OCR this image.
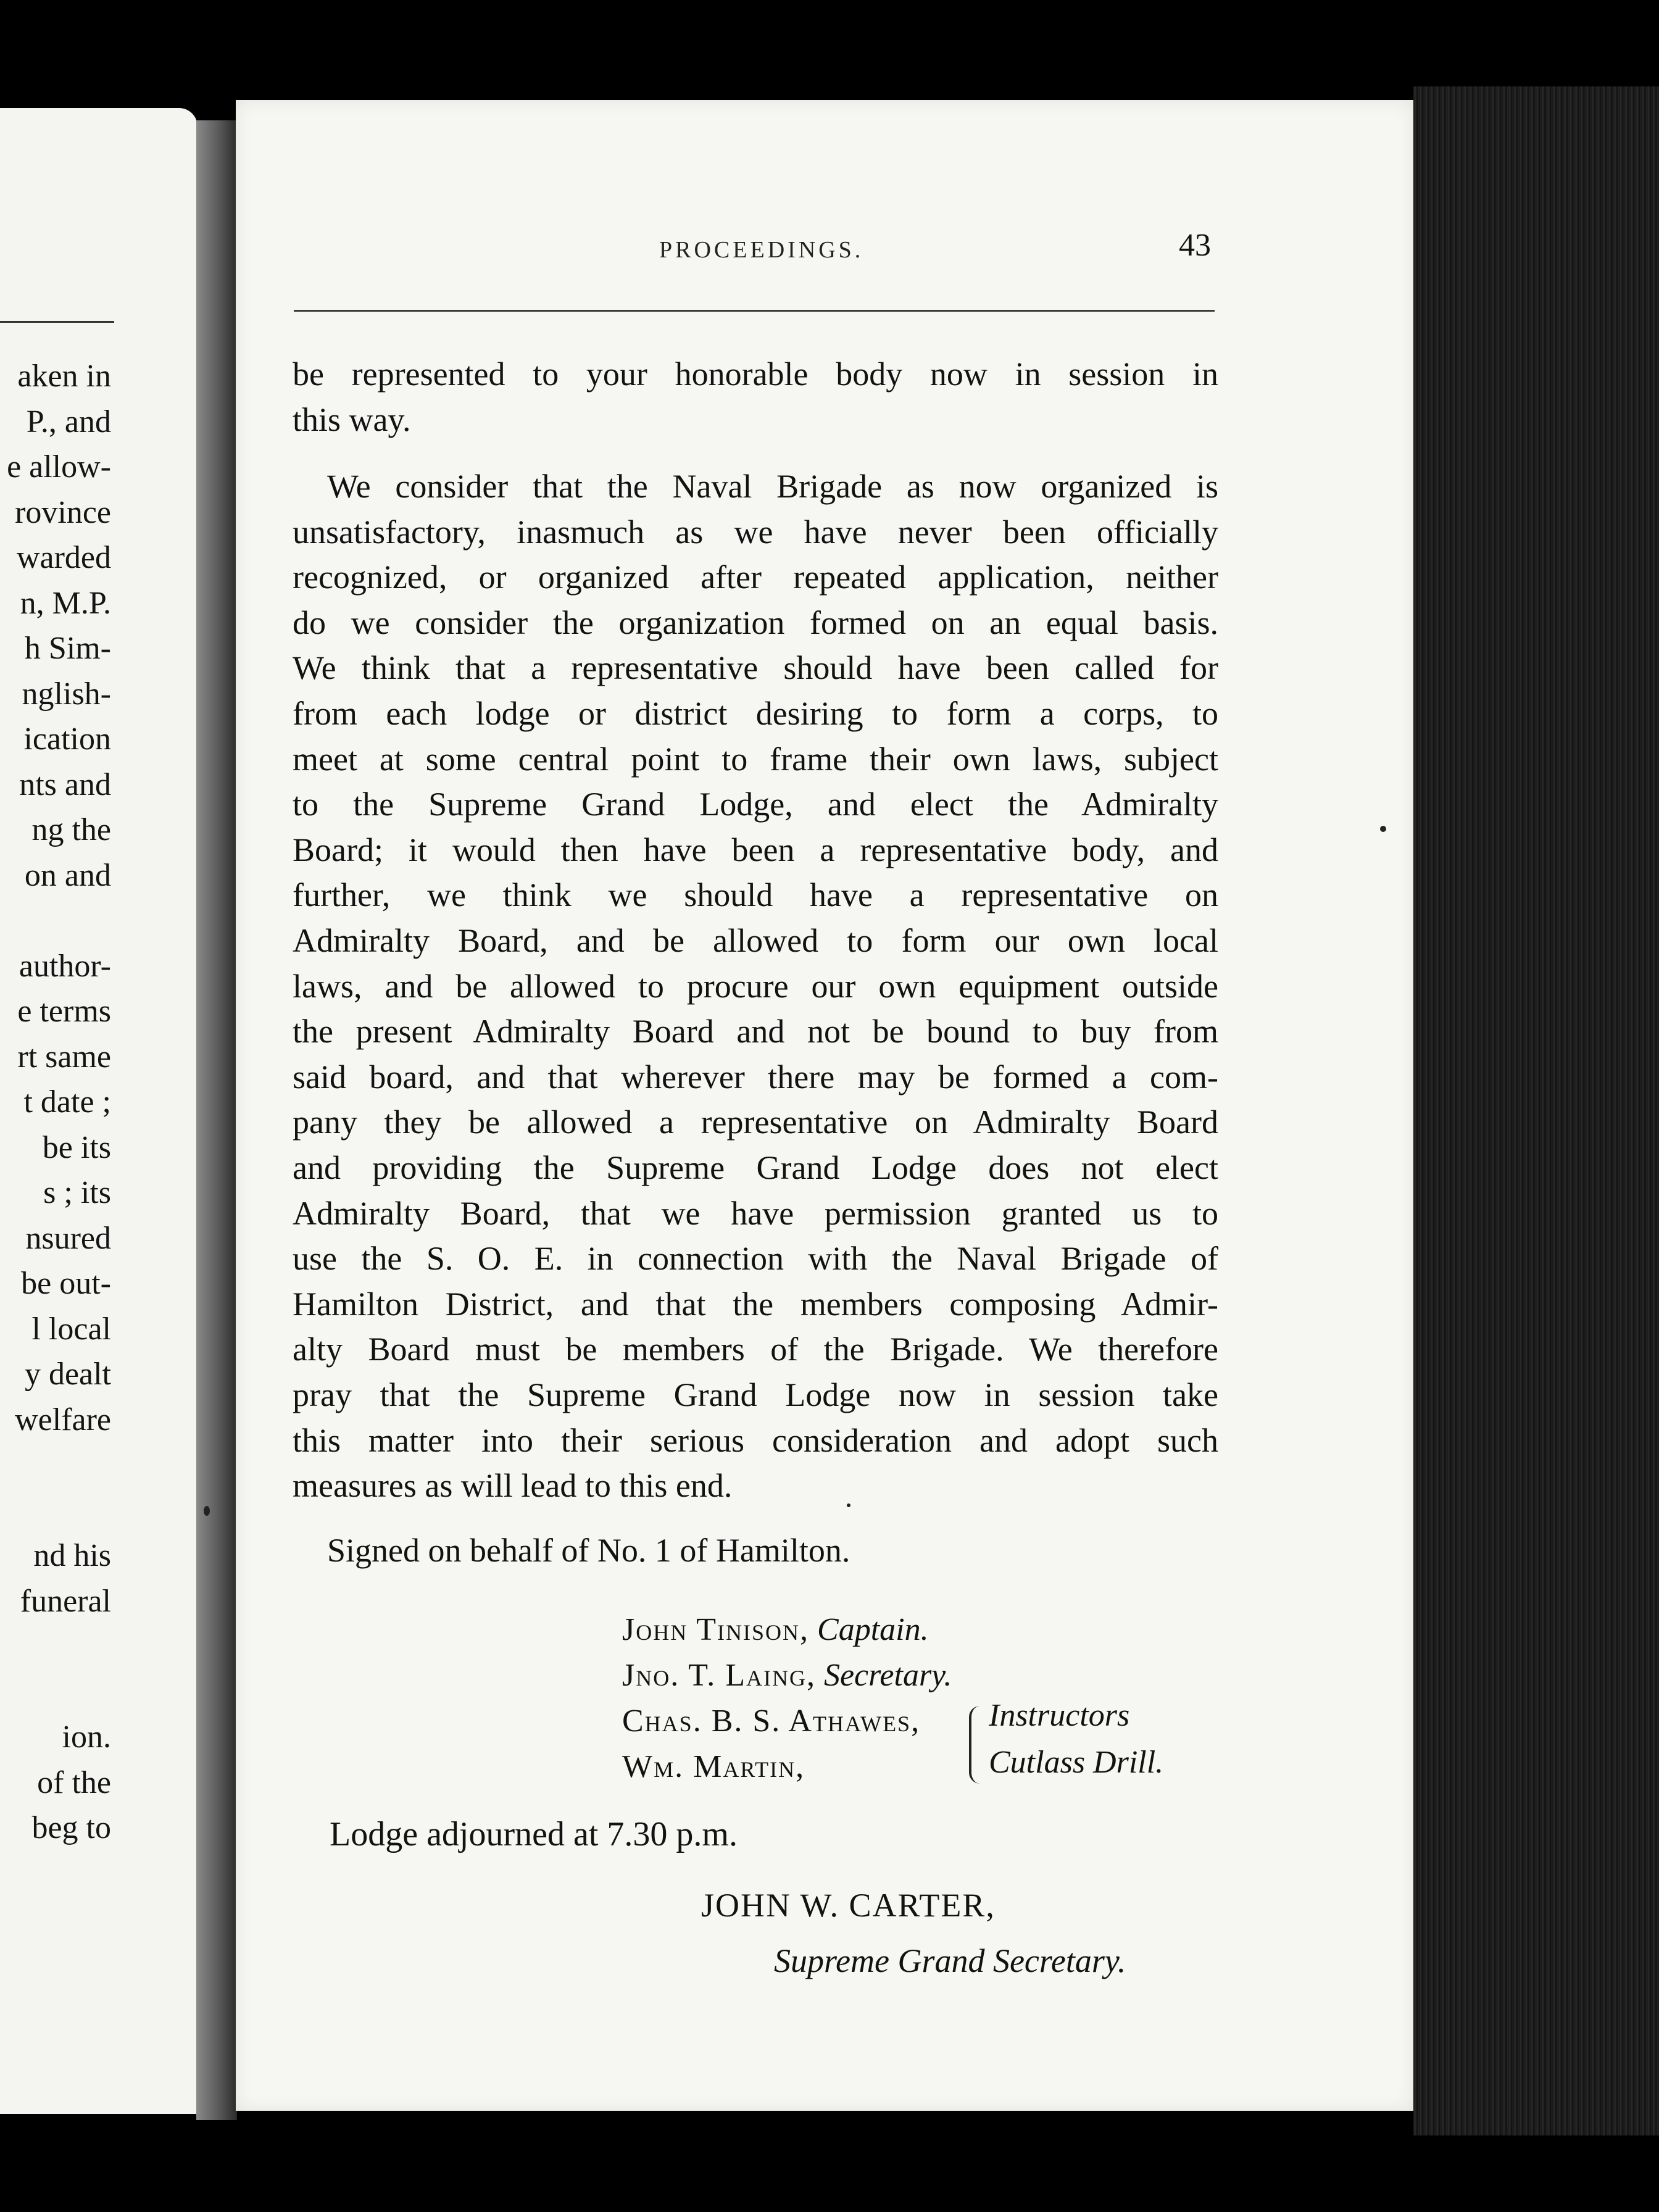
aken in
P., and
e allow-
rovince
warded
n, M.P.
h Sim-
nglish-
ication
nts and
ng the
on and
author-
e terms
rt same
t date ;
be its
s ; its
nsured
be out-
l local
y dealt
welfare
nd his
funeral
ion.
of the
beg to
PROCEEDINGS.	43
be represented to your honorable body now in session in
this way.
We consider that the Naval Brigade as now organized is
unsatisfactory, inasmuch as we have never been officially
recognized, or organized after repeated application, neither
do we consider the organization formed on an equal basis.
We think that a representative should have been called for
from each lodge or district desiring to form a corps, to
meet at some central point to frame their own laws, subject
to the Supreme Grand Lodge, and elect the Admiralty
Board; it would then have been a representative body, and
further, we think we should have a representative on
Admiralty Board, and be allowed to form our own local
laws, and be allowed to procure our own equipment outside
the present Admiralty Board and not be bound to buy from
said board, and that wherever there may be formed a com-
pany they be allowed a representative on Admiralty Board
and providing the Supreme Grand Lodge does not elect
Admiralty Board, that we have permission granted us to
use the S. O. E. in connection with the Naval Brigade of
Hamilton District, and that the members composing Admir-
alty Board must be members of the Brigade. We therefore
pray that the Supreme Grand Lodge now in session take
this matter into their serious consideration and adopt such
measures as will lead to this end.
Signed on behalf of No. 1 of Hamilton.
John Tinison, Captain.
Jno. T. Laing, Secretary.
Chas. B. S. Athawes,
Wm. Martin,
Instructors
Cutlass Drill.
Lodge adjourned at 7.30 p.m.
JOHN W. CARTER,
Supreme Grand Secretary.
